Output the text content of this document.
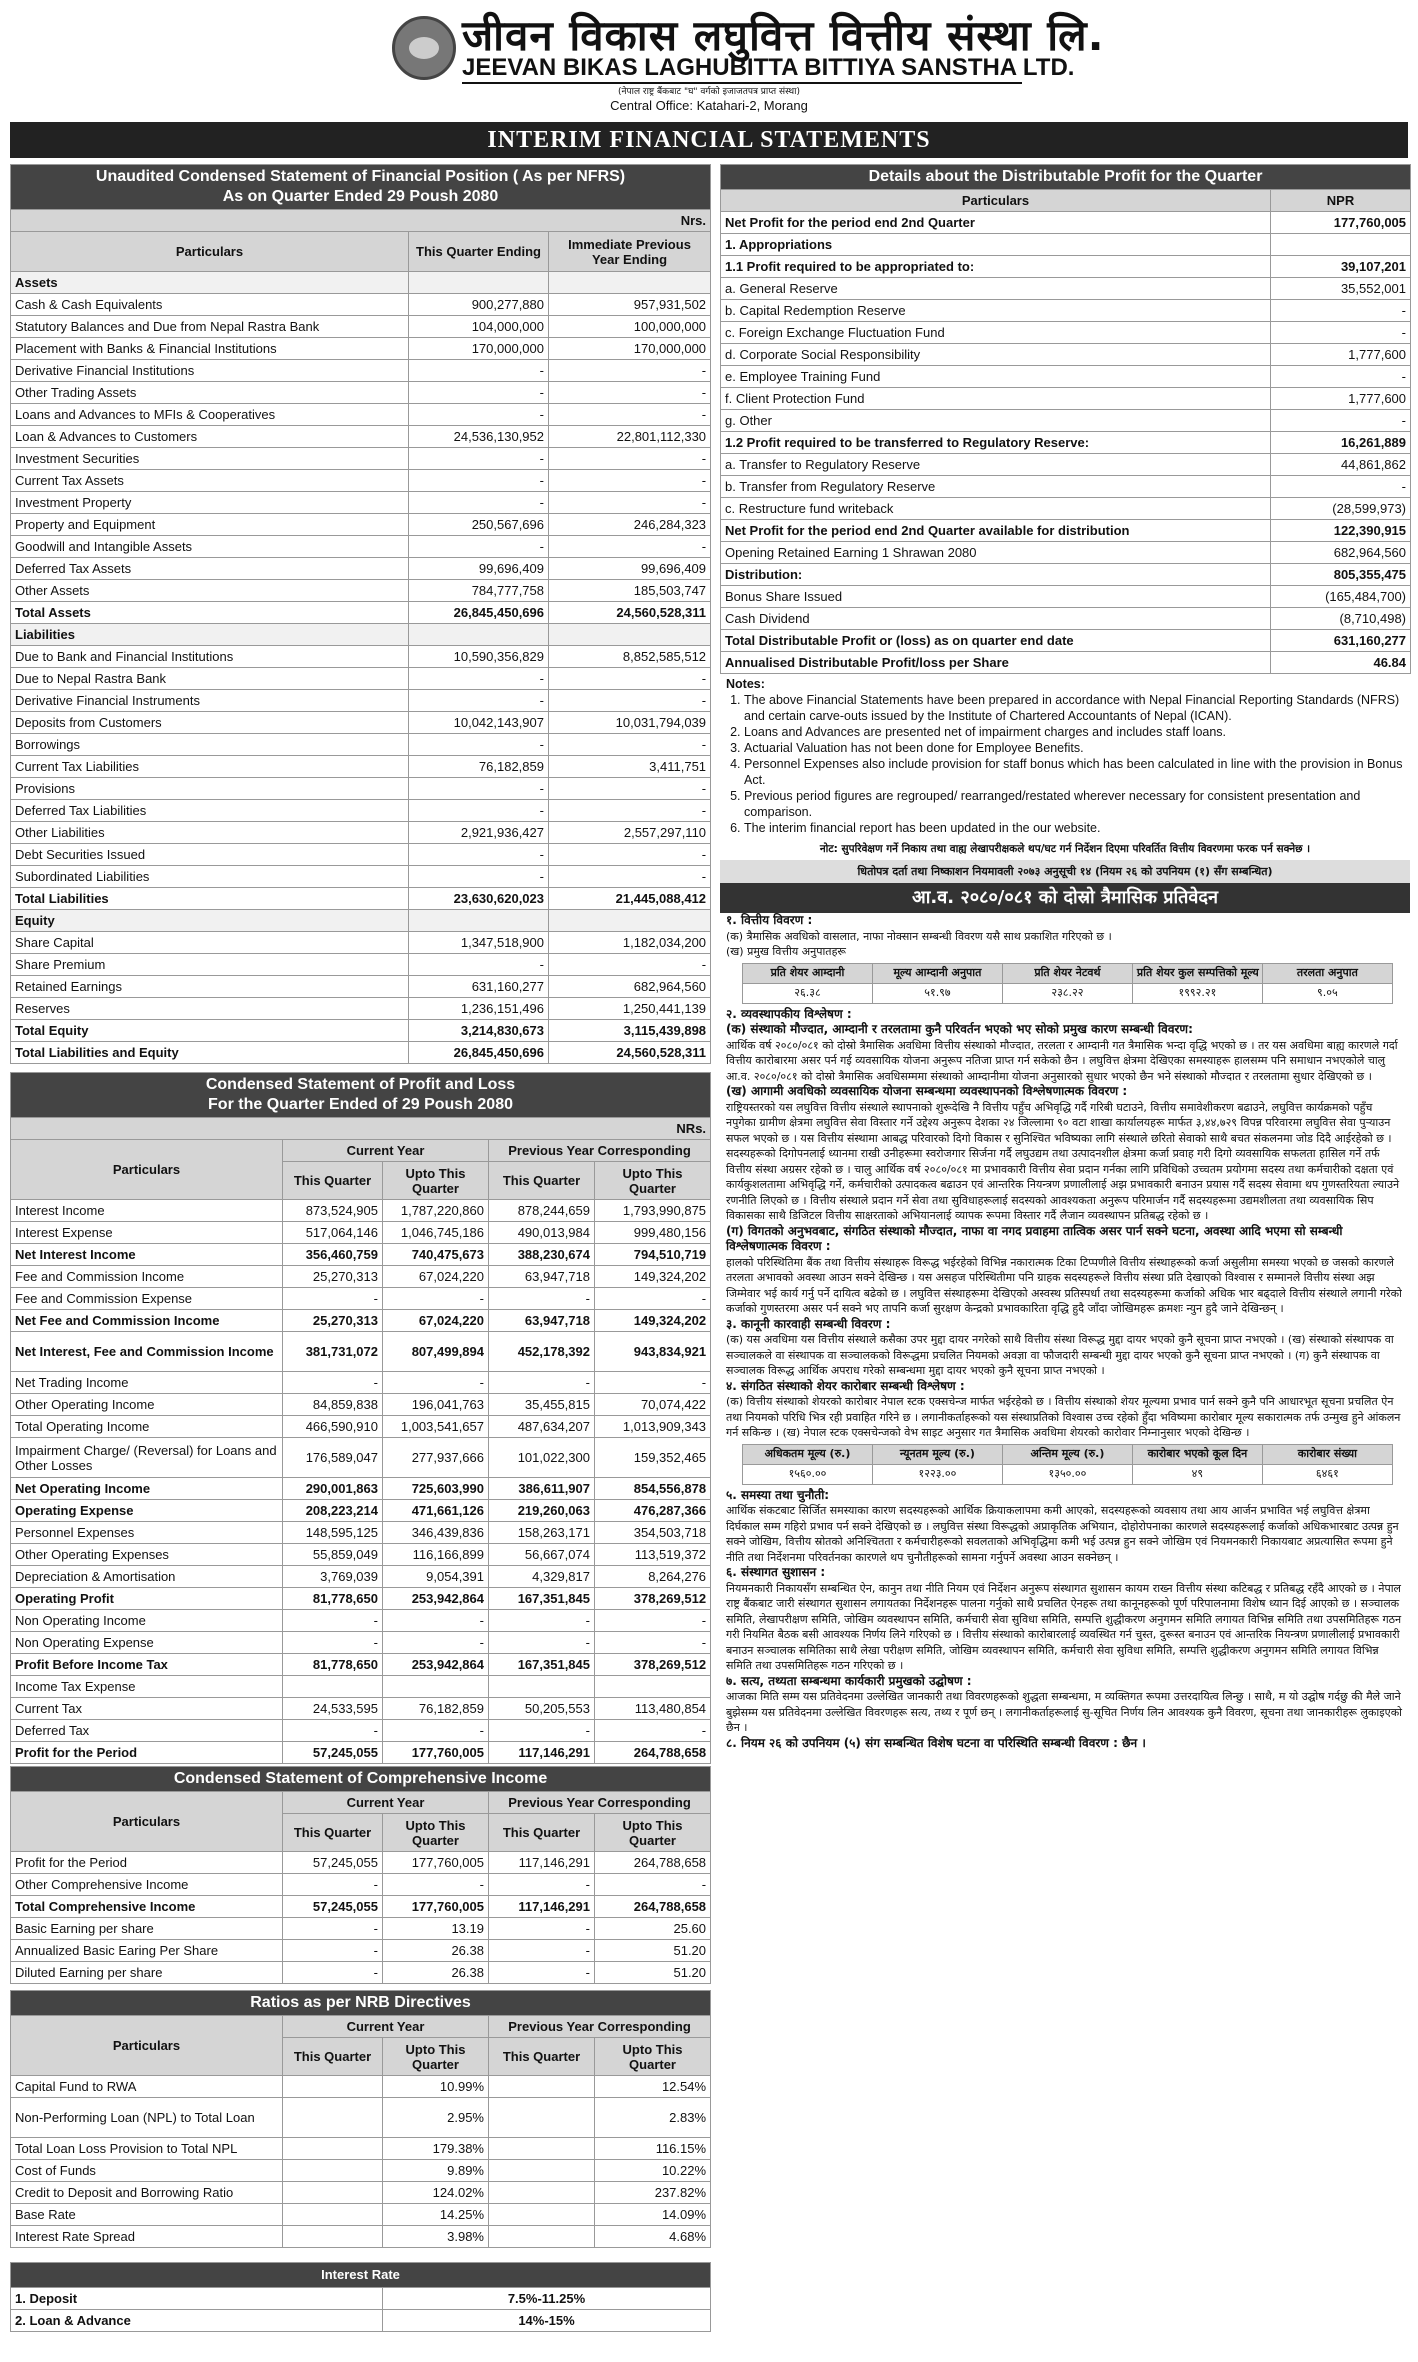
जीवन विकास लघुवित्त वित्तीय संस्था लि.
JEEVAN BIKAS LAGHUBITTA BITTIYA SANSTHA LTD.
(नेपाल राष्ट्र बैंकबाट "घ" वर्गको इजाजतपत्र प्राप्त संस्था)
Central Office: Katahari-2, Morang
INTERIM FINANCIAL STATEMENTS
Unaudited Condensed Statement of Financial Position ( As per NFRS)
As on Quarter Ended 29 Poush 2080		

Nrs.		
Particulars	This Quarter Ending	Immediate Previous Year Ending
Assets		
Cash & Cash Equivalents	900,277,880	957,931,502
Statutory Balances and Due from Nepal Rastra Bank	104,000,000	100,000,000
Placement with Banks & Financial Institutions	170,000,000	170,000,000
Derivative Financial Institutions	-	-
Other Trading Assets	-	-
Loans and Advances to MFIs & Cooperatives	-	-
Loan & Advances to Customers	24,536,130,952	22,801,112,330
Investment Securities	-	-
Current Tax Assets	-	-
Investment Property	-	-
Property and Equipment	250,567,696	246,284,323
Goodwill and Intangible Assets	-	-
Deferred Tax Assets	99,696,409	99,696,409
Other Assets	784,777,758	185,503,747
Total Assets	26,845,450,696	24,560,528,311
Liabilities		
Due to Bank and Financial Institutions	10,590,356,829	8,852,585,512
Due to Nepal Rastra Bank	-	-
Derivative Financial Instruments	-	-
Deposits from Customers	10,042,143,907	10,031,794,039
Borrowings	-	-
Current Tax Liabilities	76,182,859	3,411,751
Provisions	-	-
Deferred Tax Liabilities	-	-
Other Liabilities	2,921,936,427	2,557,297,110
Debt Securities Issued	-	-
Subordinated Liabilities	-	-
Total Liabilities	23,630,620,023	21,445,088,412
Equity		
Share Capital	1,347,518,900	1,182,034,200
Share Premium	-	-
Retained Earnings	631,160,277	682,964,560
Reserves	1,236,151,496	1,250,441,139
Total Equity	3,214,830,673	3,115,439,898
Total Liabilities and Equity	26,845,450,696	24,560,528,311
Condensed Statement of Profit and Loss
For the Quarter Ended of 29 Poush 2080				

NRs.				
Particulars	Current Year		Previous Year Corresponding	
	This Quarter	Upto This Quarter	This Quarter	Upto This Quarter
Interest Income	873,524,905	1,787,220,860	878,244,659	1,793,990,875
Interest Expense	517,064,146	1,046,745,186	490,013,984	999,480,156
Net Interest Income	356,460,759	740,475,673	388,230,674	794,510,719
Fee and Commission Income	25,270,313	67,024,220	63,947,718	149,324,202
Fee and Commission Expense	-	-	-	-
Net Fee and Commission Income	25,270,313	67,024,220	63,947,718	149,324,202
Net Interest, Fee and Commission Income	381,731,072	807,499,894	452,178,392	943,834,921
Net Trading Income	-	-	-	-
Other Operating Income	84,859,838	196,041,763	35,455,815	70,074,422
Total Operating Income	466,590,910	1,003,541,657	487,634,207	1,013,909,343
Impairment Charge/ (Reversal) for Loans and Other Losses	176,589,047	277,937,666	101,022,300	159,352,465
Net Operating Income	290,001,863	725,603,990	386,611,907	854,556,878
Operating Expense	208,223,214	471,661,126	219,260,063	476,287,366
Personnel Expenses	148,595,125	346,439,836	158,263,171	354,503,718
Other Operating Expenses	55,859,049	116,166,899	56,667,074	113,519,372
Depreciation & Amortisation	3,769,039	9,054,391	4,329,817	8,264,276
Operating Profit	81,778,650	253,942,864	167,351,845	378,269,512
Non Operating Income	-	-	-	-
Non Operating Expense	-	-	-	-
Profit Before Income Tax	81,778,650	253,942,864	167,351,845	378,269,512
Income Tax Expense				
Current Tax	24,533,595	76,182,859	50,205,553	113,480,854
Deferred Tax	-	-	-	-
Profit for the Period	57,245,055	177,760,005	117,146,291	264,788,658
Condensed Statement of Comprehensive Income				
Particulars	Current Year		Previous Year Corresponding	
	This Quarter	Upto This Quarter	This Quarter	Upto This Quarter
Profit for the Period	57,245,055	177,760,005	117,146,291	264,788,658
Other Comprehensive Income	-	-	-	-
Total Comprehensive Income	57,245,055	177,760,005	117,146,291	264,788,658
Basic Earning per share	-	13.19	-	25.60
Annualized Basic Earing Per Share	-	26.38	-	51.20
Diluted Earning per share	-	26.38	-	51.20
Ratios as per NRB Directives				
Particulars	Current Year		Previous Year Corresponding	
	This Quarter	Upto This Quarter	This Quarter	Upto This Quarter
Capital Fund to RWA		10.99%		12.54%
Non-Performing Loan (NPL) to Total Loan		2.95%		2.83%
Total Loan Loss Provision to Total NPL		179.38%		116.15%
Cost of Funds		9.89%		10.22%
Credit to Deposit and Borrowing Ratio		124.02%		237.82%
Base Rate		14.25%		14.09%
Interest Rate Spread		3.98%		4.68%
Interest Rate	
1. Deposit	7.5%-11.25%
2. Loan & Advance	14%-15%
Details about the Distributable Profit for the Quarter	
Particulars	NPR
Net Profit for the period end 2nd Quarter	177,760,005
1. Appropriations	
1.1 Profit required to be appropriated to:	39,107,201
a. General Reserve	35,552,001
b. Capital Redemption Reserve	-
c. Foreign Exchange Fluctuation Fund	-
d. Corporate Social Responsibility	1,777,600
e. Employee Training Fund	-
f. Client Protection Fund	1,777,600
g. Other	-
1.2 Profit required to be transferred to Regulatory Reserve:	16,261,889
a. Transfer to Regulatory Reserve	44,861,862
b. Transfer from Regulatory Reserve	-
c. Restructure fund writeback	(28,599,973)
Net Profit for the period end 2nd Quarter available for distribution	122,390,915
Opening Retained Earning 1 Shrawan 2080	682,964,560
Distribution:	805,355,475
Bonus Share Issued	(165,484,700)
Cash Dividend	(8,710,498)
Total Distributable Profit or (loss) as on quarter end date	631,160,277
Annualised Distributable Profit/loss per Share	46.84
Notes:
1. The above Financial Statements have been prepared in accordance with Nepal Financial Reporting Standards (NFRS) and certain carve-outs issued by the Institute of Chartered Accountants of Nepal (ICAN).
2. Loans and Advances are presented net of impairment charges and includes staff loans.
3. Actuarial Valuation has not been done for Employee Benefits.
4. Personnel Expenses also include provision for staff bonus which has been calculated in line with the provision in Bonus Act.
5. Previous period figures are regrouped/ rearranged/restated wherever necessary for consistent presentation and comparison.
6. The interim financial report has been updated in the our website.
नोट: सुपरिवेक्षण गर्ने निकाय तथा वाह्य लेखापरीक्षकले थप/घट गर्न निर्देशन दिएमा परिवर्तित वित्तीय विवरणमा फरक पर्न सक्नेछ ।
धितोपत्र दर्ता तथा निष्काशन नियमावली २०७३ अनुसूची १४ (नियम २६ को उपनियम (१) सँग सम्बन्धित)
आ.व. २०८०/०८१ को दोस्रो त्रैमासिक प्रतिवेदन
१. वित्तीय विवरण :
(क) त्रैमासिक अवधिको वासलात, नाफा नोक्सान सम्बन्धी विवरण यसै साथ प्रकाशित गरिएको छ ।
(ख) प्रमुख वित्तीय अनुपातहरू
प्रति शेयर आम्दानी	मूल्य आम्दानी अनुपात	प्रति शेयर नेटवर्थ	प्रति शेयर कुल सम्पत्तिको मूल्य	तरलता अनुपात
२६.३८	५१.९७	२३८.२२	१९९२.२१	९.०५
२. व्यवस्थापकीय विश्लेषण :
(क) संस्थाको मौज्दात, आम्दानी र तरलतामा कुनै परिवर्तन भएको भए सोको प्रमुख कारण सम्बन्धी विवरण:
आर्थिक वर्ष २०८०/०८१ को दोस्रो त्रैमासिक अवधिमा वित्तीय संस्थाको मौज्दात, तरलता र आम्दानी गत त्रैमासिक भन्दा वृद्धि भएको छ । तर यस अवधिमा बाह्य कारणले गर्दा वित्तीय कारोबारमा असर पर्न गई व्यवसायिक योजना अनुरूप नतिजा प्राप्त गर्न सकेको छैन । लघुवित्त क्षेत्रमा देखिएका समस्याहरू हालसम्म पनि समाधान नभएकोले चालु आ.व. २०८०/०८१ को दोस्रो त्रैमासिक अवधिसम्ममा संस्थाको आम्दानीमा योजना अनुसारको सुधार भएको छैन भने संस्थाको मौज्दात र तरलतामा सुधार देखिएको छ ।
(ख) आगामी अवधिको व्यवसायिक योजना सम्बन्धमा व्यवस्थापनको विश्लेषणात्मक विवरण :
राष्ट्रियस्तरको यस लघुवित्त वित्तीय संस्थाले स्थापनाको शुरूदेखि नै वित्तीय पहुँच अभिवृद्धि गर्दै गरिबी घटाउने, वित्तीय समावेशीकरण बढाउने, लघुवित्त कार्यक्रमको पहुँच नपुगेका ग्रामीण क्षेत्रमा लघुवित्त सेवा विस्तार गर्ने उद्देश्य अनुरूप देशका २४ जिल्लामा ९० वटा शाखा कार्यालयहरू मार्फत ३,४४,७२९ विपन्न परिवारमा लघुवित्त सेवा पुर्‍याउन सफल भएको छ । यस वित्तीय संस्थामा आबद्ध परिवारको दिगो विकास र सुनिश्चित भविष्यका लागि संस्थाले छरितो सेवाको साथै बचत संकलनमा जोड दिदै आईरहेको छ । सदस्यहरूको दिगोपनलाई ध्यानमा राखी उनीहरूमा स्वरोजगार सिर्जना गर्दै लघुउद्यम तथा उत्पादनशील क्षेत्रमा कर्जा प्रवाह गरी दिगो व्यवसायिक सफलता हासिल गर्ने तर्फ वित्तीय संस्था अग्रसर रहेको छ । चालु आर्थिक वर्ष २०८०/०८१ मा प्रभावकारी वित्तीय सेवा प्रदान गर्नका लागि प्रविधिको उच्चतम प्रयोगमा सदस्य तथा कर्मचारीको दक्षता एवं कार्यकुशलतामा अभिवृद्धि गर्ने, कर्मचारीको उत्पादकत्व बढाउन एवं आन्तरिक नियन्त्रण प्रणालीलाई अझ प्रभावकारी बनाउन प्रयास गर्दै सदस्य सेवामा थप गुणस्तरियता ल्याउने रणनीति लिएको छ । वित्तीय संस्थाले प्रदान गर्ने सेवा तथा सुविधाहरूलाई सदस्यको आवश्यकता अनुरूप परिमार्जन गर्दै सदस्यहरूमा उद्यमशीलता तथा व्यवसायिक सिप विकासका साथै डिजिटल वित्तीय साक्षरताको अभियानलाई व्यापक रूपमा विस्तार गर्दै लैजान व्यवस्थापन प्रतिबद्ध रहेको छ ।
(ग) विगतको अनुभवबाट, संगठित संस्थाको मौज्दात, नाफा वा नगद प्रवाहमा तात्विक असर पार्न सक्ने घटना, अवस्था आदि भएमा सो सम्बन्धी विश्लेषणात्मक विवरण :
हालको परिस्थितिमा बैंक तथा वित्तीय संस्थाहरू विरूद्ध भईरहेको विभिन्न नकारात्मक टिका टिप्पणीले वित्तीय संस्थाहरूको कर्जा असुलीमा समस्या भएको छ जसको कारणले तरलता अभावको अवस्था आउन सक्ने देखिन्छ । यस असहज परिस्थितीमा पनि ग्राहक सदस्यहरूले वित्तीय संस्था प्रति देखाएको विश्वास र सम्मानले वित्तीय संस्था अझ जिम्मेवार भई कार्य गर्नु पर्ने दायित्व बढेको छ । लघुवित्त संस्थाहरूमा देखिएको अस्वस्थ प्रतिस्पर्धा तथा सदस्यहरूमा कर्जाको अधिक भार बढ्दाले वित्तीय संस्थाले लगानी गरेको कर्जाको गुणस्तरमा असर पर्न सक्ने भए तापनि कर्जा सुरक्षण केन्द्रको प्रभावकारिता वृद्धि हुदै जाँदा जोखिमहरू क्रमशः न्युन हुदै जाने देखिन्छन् ।
३. कानूनी कारवाही सम्बन्धी विवरण :
(क) यस अवधिमा यस वित्तीय संस्थाले कसैका उपर मुद्दा दायर नगरेको साथै वित्तीय संस्था विरूद्ध मुद्दा दायर भएको कुनै सूचना प्राप्त नभएको । (ख) संस्थाको संस्थापक वा सञ्चालकले वा संस्थापक वा सञ्चालकको विरूद्धमा प्रचलित नियमको अवज्ञा वा फौजदारी सम्बन्धी मुद्दा दायर भएको कुनै सूचना प्राप्त नभएको । (ग) कुनै संस्थापक वा सञ्चालक विरूद्ध आर्थिक अपराध गरेको सम्बन्धमा मुद्दा दायर भएको कुनै सूचना प्राप्त नभएको ।
४. संगठित संस्थाको शेयर कारोबार सम्बन्धी विश्लेषण :
(क) वित्तीय संस्थाको शेयरको कारोबार नेपाल स्टक एक्सचेन्ज मार्फत भईरहेको छ । वित्तीय संस्थाको शेयर मूल्यमा प्रभाव पार्न सक्ने कुनै पनि आधारभूत सूचना प्रचलित ऐन तथा नियमको परिधि भित्र रही प्रवाहित गरिने छ । लगानीकर्ताहरूको यस संस्थाप्रतिको विश्वास उच्च रहेको हुँदा भविष्यमा कारोबार मूल्य सकारात्मक तर्फ उन्मुख हुने आंकलन गर्न सकिन्छ । (ख) नेपाल स्टक एक्सचेन्जको वेभ साइट अनुसार गत त्रैमासिक अवधिमा शेयरको कारोवार निम्नानुसार भएको देखिन्छ ।
अधिकतम मूल्य (रु.)	न्यूनतम मूल्य (रु.)	अन्तिम मूल्य (रु.)	कारोबार भएको कूल दिन	कारोबार संख्या
१५६०.००	१२२३.००	१३५०.००	४९	६४६१
५. समस्या तथा चुनौती:
आर्थिक संकटबाट सिर्जित समस्याका कारण सदस्यहरूको आर्थिक क्रियाकलापमा कमी आएको, सदस्यहरूको व्यवसाय तथा आय आर्जन प्रभावित भई लघुवित्त क्षेत्रमा दिर्घकाल सम्म गहिरो प्रभाव पर्न सक्ने देखिएको छ । लघुवित्त संस्था विरूद्धको अप्राकृतिक अभियान, दोहोरोपनाका कारणले सदस्यहरूलाई कर्जाको अधिकभारबाट उत्पन्न हुन सक्ने जोखिम, वित्तीय स्रोतको अनिश्चितता र कर्मचारीहरूको सवलताको अभिवृद्धिमा कमी भई उत्पन्न हुन सक्ने जोखिम एवं नियमनकारी निकायबाट अप्रत्यासित रूपमा हुने नीति तथा निर्देशनमा परिवर्तनका कारणले थप चुनौतीहरूको सामना गर्नुपर्ने अवस्था आउन सक्नेछन् ।
६. संस्थागत सुशासन :
नियमनकारी निकायसँग सम्बन्धित ऐन, कानुन तथा नीति नियम एवं निर्देशन अनुरूप संस्थागत सुशासन कायम राख्न वित्तीय संस्था कटिबद्ध र प्रतिबद्ध रहँदै आएको छ । नेपाल राष्ट्र बैंकबाट जारी संस्थागत सुशासन लगायतका निर्देशनहरू पालना गर्नुको साथै प्रचलित ऐनहरू तथा कानूनहरूको पूर्ण परिपालनामा विशेष ध्यान दिई आएको छ । सञ्चालक समिति, लेखापरीक्षण समिति, जोखिम व्यवस्थापन समिति, कर्मचारी सेवा सुविधा समिति, सम्पत्ति शुद्धीकरण अनुगमन समिति लगायत विभिन्न समिति तथा उपसमितिहरू गठन गरी नियमित बैठक बसी आवश्यक निर्णय लिने गरिएको छ । वित्तीय संस्थाको कारोबारलाई व्यवस्थित गर्न चुस्त, दुरूस्त बनाउन एवं आन्तरिक नियन्त्रण प्रणालीलाई प्रभावकारी बनाउन सञ्चालक समितिका साथै लेखा परीक्षण समिति, जोखिम व्यवस्थापन समिति, कर्मचारी सेवा सुविधा समिति, सम्पत्ति शुद्धीकरण अनुगमन समिति लगायत विभिन्न समिति तथा उपसमितिहरू गठन गरिएको छ ।
७. सत्य, तथ्यता सम्बन्धमा कार्यकारी प्रमुखको उद्घोषण :
आजका मिति सम्म यस प्रतिवेदनमा उल्लेखित जानकारी तथा विवरणहरूको शुद्धता सम्बन्धमा, म व्यक्तिगत रूपमा उत्तरदायित्व लिन्छु । साथै, म यो उद्घोष गर्दछु की मैले जाने बुझेसम्म यस प्रतिवेदनमा उल्लेखित विवरणहरू सत्य, तथ्य र पूर्ण छन् । लगानीकर्ताहरूलाई सु-सूचित निर्णय लिन आवश्यक कुनै विवरण, सूचना तथा जानकारीहरू लुकाइएको छैन ।
८. नियम २६ को उपनियम (५) संग सम्बन्धित विशेष घटना वा परिस्थिति सम्बन्धी विवरण : छैन ।
